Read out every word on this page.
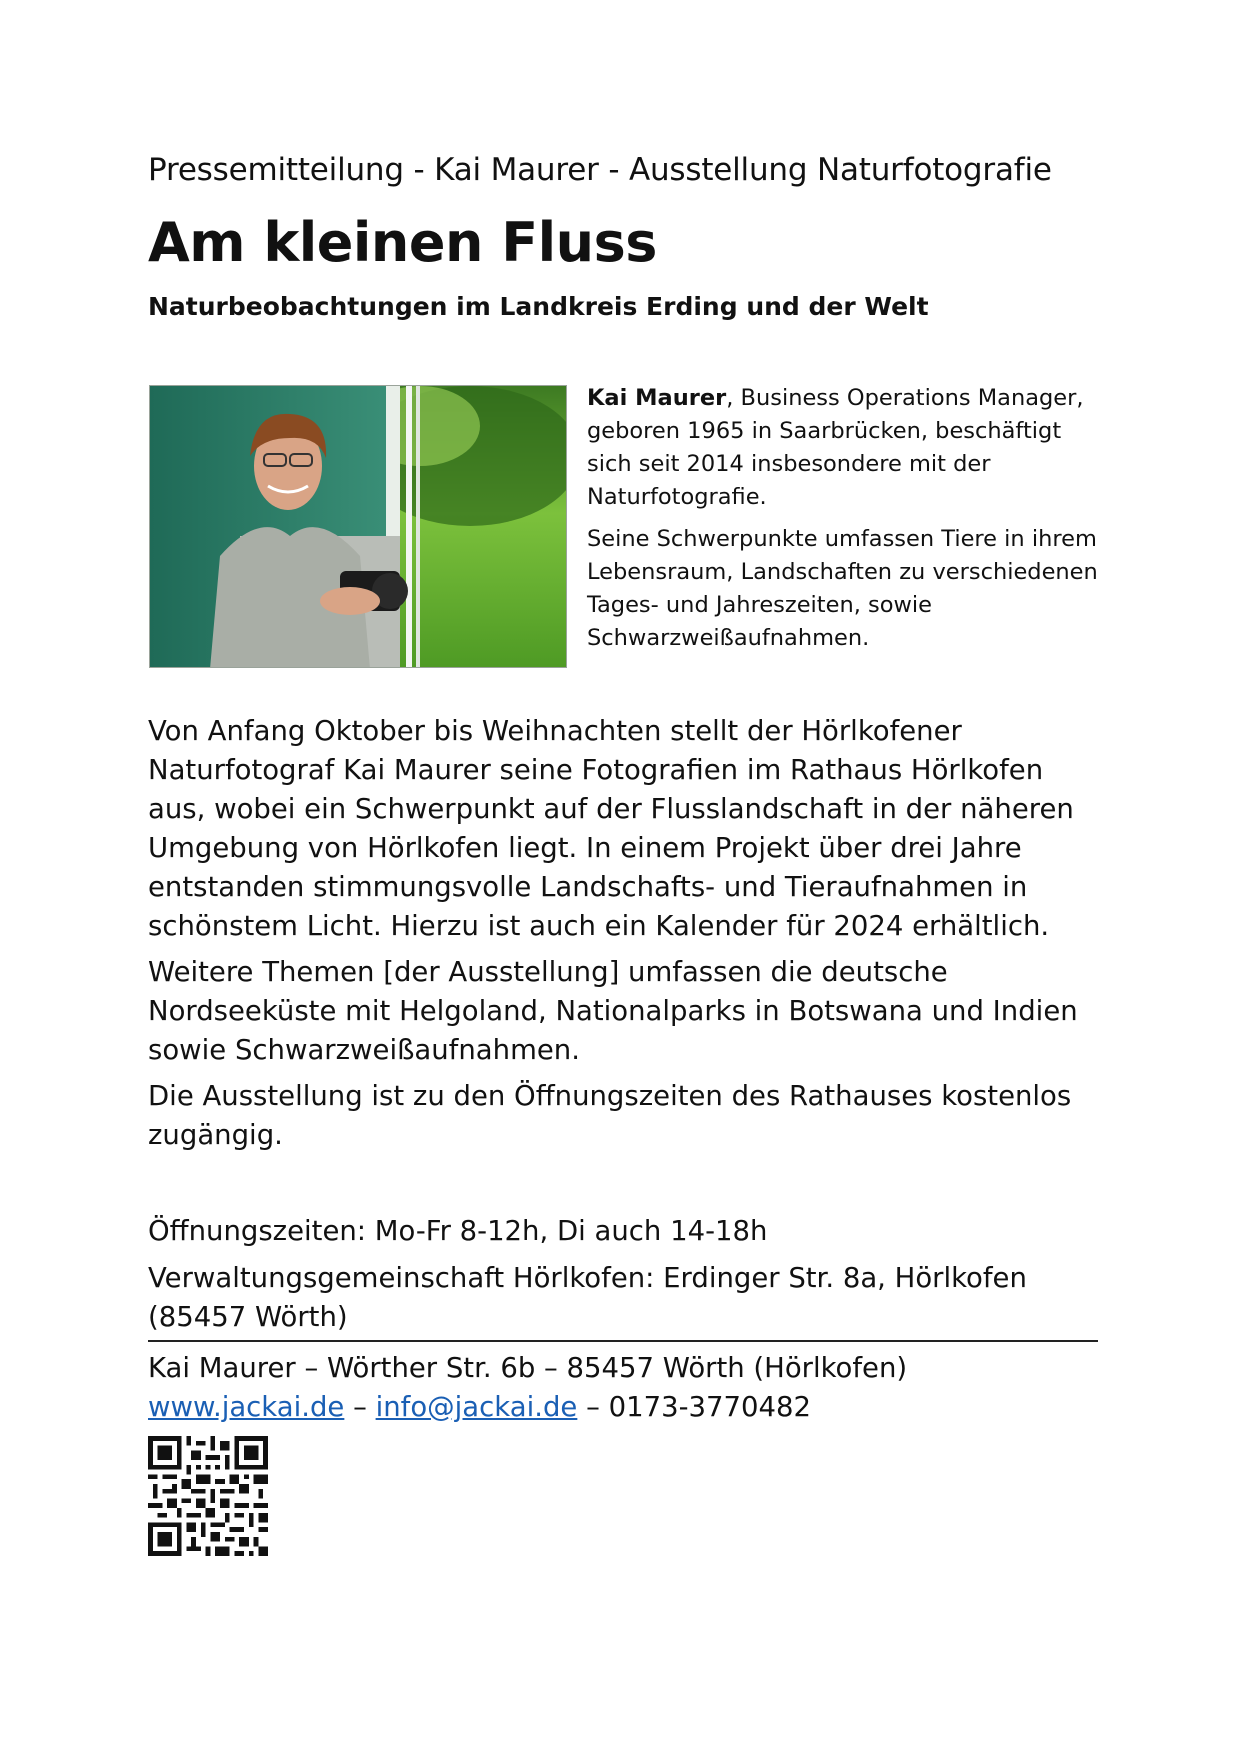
Pressemitteilung - Kai Maurer - Ausstellung Naturfotografie
Am kleinen Fluss
Naturbeobachtungen im Landkreis Erding und der Welt

Kai Maurer, Business Operations Manager, geboren 1965 in Saarbrücken, beschäftigt sich seit 2014 insbesondere mit der Naturfotografie.

Seine Schwerpunkte umfassen Tiere in ihrem Lebensraum, Landschaften zu verschiedenen Tages- und Jahreszeiten, sowie Schwarzweißaufnahmen.

Von Anfang Oktober bis Weihnachten stellt der Hörlkofener Naturfotograf Kai Maurer seine Fotografien im Rathaus Hörlkofen aus, wobei ein Schwerpunkt auf der Flusslandschaft in der näheren Umgebung von Hörlkofen liegt. In einem Projekt über drei Jahre entstanden stimmungsvolle Landschafts- und Tieraufnahmen in schönstem Licht. Hierzu ist auch ein Kalender für 2024 erhältlich.

Weitere Themen [der Ausstellung] umfassen die deutsche Nordseeküste mit Helgoland, Nationalparks in Botswana und Indien sowie Schwarzweißaufnahmen.

Die Ausstellung ist zu den Öffnungszeiten des Rathauses kostenlos zugängig.

Öffnungszeiten: Mo-Fr 8-12h, Di auch 14-18h
Verwaltungsgemeinschaft Hörlkofen: Erdinger Str. 8a, Hörlkofen (85457 Wörth)
Kai Maurer – Wörther Str. 6b – 85457 Wörth (Hörlkofen)
www.jackai.de – info@jackai.de – 0173-3770482
